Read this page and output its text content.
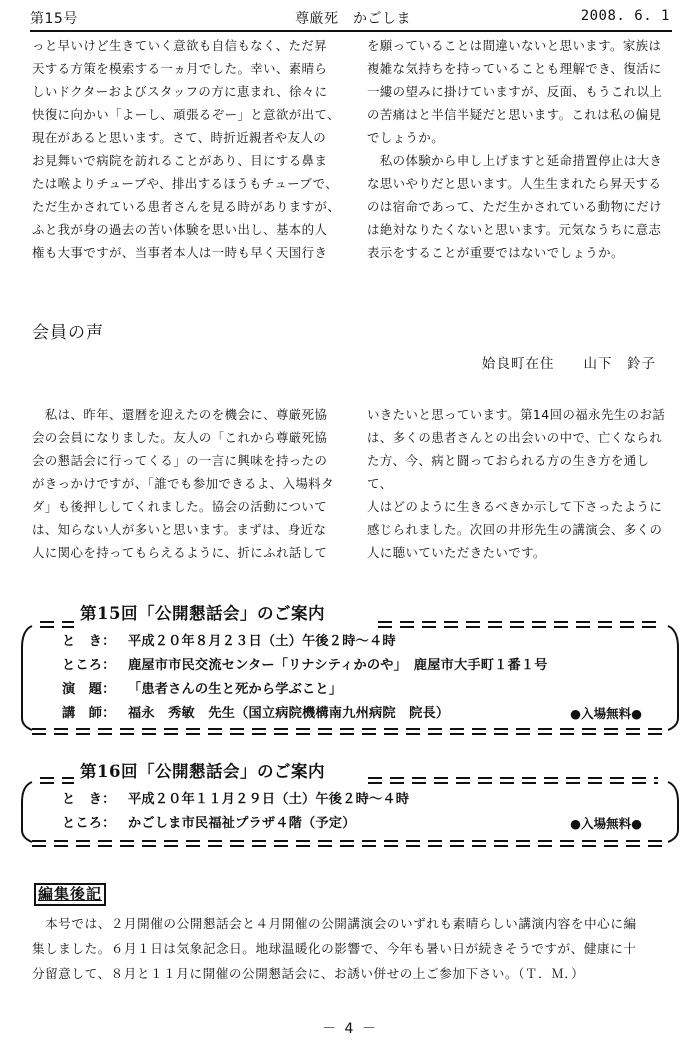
第15号	尊厳死　かごしま	2008. 6. 1

っと早いけど生きていく意欲も自信もなく、ただ昇
天する方策を模索する一ヵ月でした。幸い、素晴ら
しいドクターおよびスタッフの方に恵まれ、徐々に
快復に向かい「よーし、頑張るぞー」と意欲が出て、
現在があると思います。さて、時折近親者や友人の
お見舞いで病院を訪れることがあり、目にする鼻ま
たは喉よりチューブや、排出するほうもチューブで、
ただ生かされている患者さんを見る時がありますが、
ふと我が身の過去の苦い体験を思い出し、基本的人
権も大事ですが、当事者本人は一時も早く天国行き

を願っていることは間違いないと思います。家族は
複雑な気持ちを持っていることも理解でき、復活に
一縷の望みに掛けていますが、反面、もうこれ以上
の苦痛はと半信半疑だと思います。これは私の偏見
でしょうか。

　私の体験から申し上げますと延命措置停止は大き
な思いやりだと思います。人生生まれたら昇天する
のは宿命であって、ただ生かされている動物にだけ
は絶対なりたくないと思います。元気なうちに意志
表示をすることが重要ではないでしょうか。

会員の声
姶良町在住　　山下　鈴子

　私は、昨年、還暦を迎えたのを機会に、尊厳死協
会の会員になりました。友人の「これから尊厳死協
会の懇話会に行ってくる」の一言に興味を持ったの
がきっかけですが、「誰でも参加できるよ、入場料タ
ダ」も後押ししてくれました。協会の活動について
は、知らない人が多いと思います。まずは、身近な
人に関心を持ってもらえるように、折にふれ話して

いきたいと思っています。第14回の福永先生のお話
は、多くの患者さんとの出会いの中で、亡くなられ
た方、今、病と闘っておられる方の生き方を通して、
人はどのように生きるべきか示して下さったように
感じられました。次回の井形先生の講演会、多くの
人に聴いていただきたいです。

第15回「公開懇話会」のご案内
と　き： 平成２０年８月２３日（土）午後２時～４時
ところ： 鹿屋市市民交流センター「リナシティかのや」　鹿屋市大手町１番１号
演　題： 「患者さんの生と死から学ぶこと」
講　師： 福永　秀敏　先生（国立病院機構南九州病院　院長）	●入場無料●
第16回「公開懇話会」のご案内
と　き： 平成２０年１１月２９日（土）午後２時～４時
ところ： かごしま市民福祉プラザ４階（予定）	●入場無料●
編集後記
　本号では、２月開催の公開懇話会と４月開催の公開講演会のいずれも素晴らしい講演内容を中心に編
集しました。６月１日は気象記念日。地球温暖化の影響で、今年も暑い日が続きそうですが、健康に十
分留意して、８月と１１月に開催の公開懇話会に、お誘い併せの上ご参加下さい。（Ｔ．Ｍ．）
－ 4 －
